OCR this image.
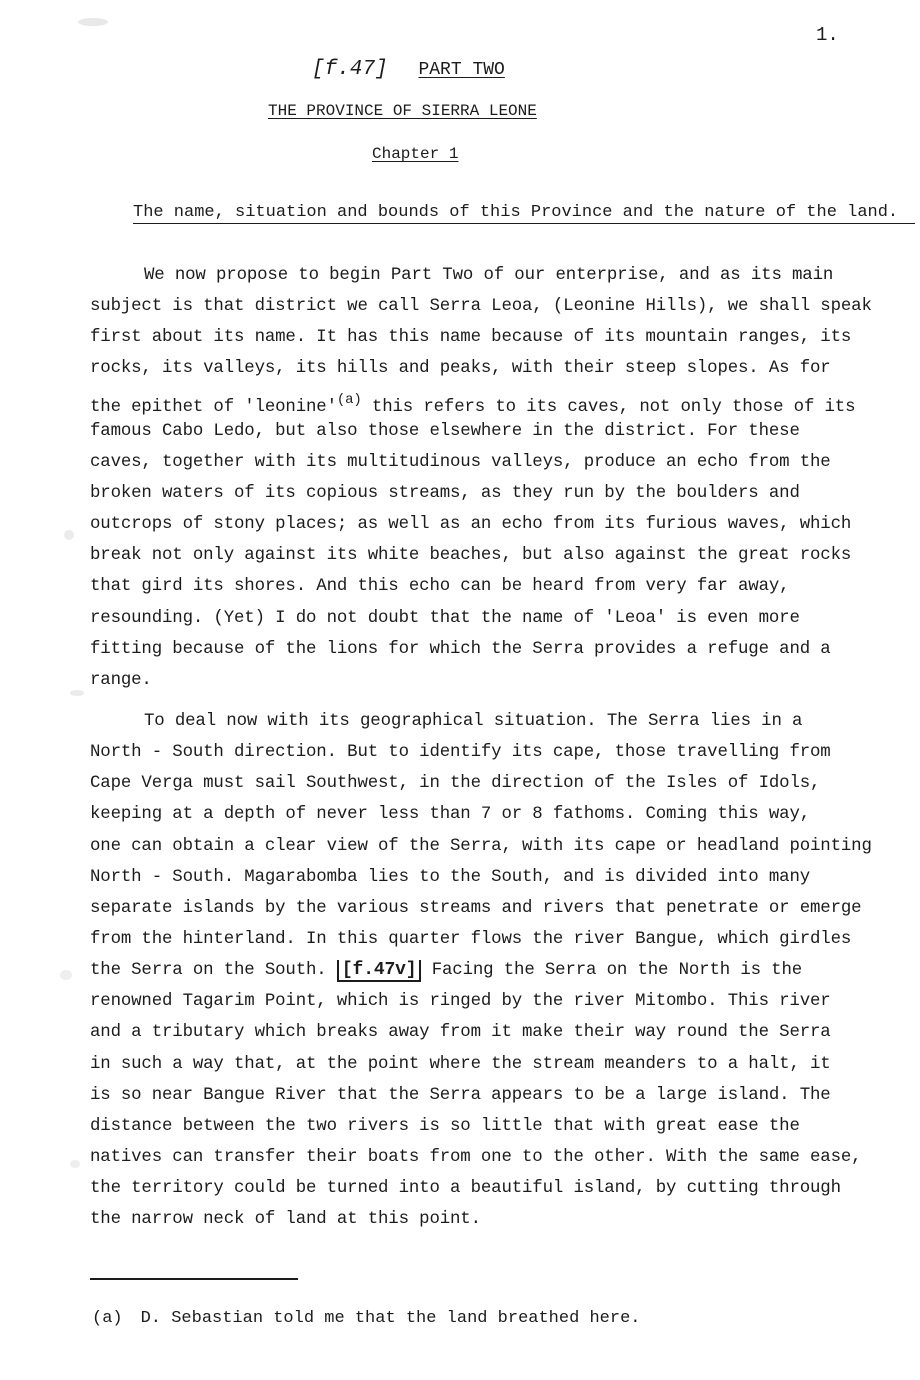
1.
[f.47] PART TWO
THE PROVINCE OF SIERRA LEONE
Chapter 1
The name, situation and bounds of this Province and the nature of the land.
We now propose to begin Part Two of our enterprise, and as its main
subject is that district we call Serra Leoa, (Leonine Hills), we shall speak
first about its name. It has this name because of its mountain ranges, its
rocks, its valleys, its hills and peaks, with their steep slopes. As for
the epithet of 'leonine'$^{(a)}$ this refers to its caves, not only those of its
famous Cabo Ledo, but also those elsewhere in the district. For these
caves, together with its multitudinous valleys, produce an echo from the
broken waters of its copious streams, as they run by the boulders and
outcrops of stony places; as well as an echo from its furious waves, which
break not only against its white beaches, but also against the great rocks
that gird its shores. And this echo can be heard from very far away,
resounding. (Yet) I do not doubt that the name of 'Leoa' is even more
fitting because of the lions for which the Serra provides a refuge and a
range.
To deal now with its geographical situation. The Serra lies in a
North - South direction. But to identify its cape, those travelling from
Cape Verga must sail Southwest, in the direction of the Isles of Idols,
keeping at a depth of never less than 7 or 8 fathoms. Coming this way,
one can obtain a clear view of the Serra, with its cape or headland pointing
North - South. Magarabomba lies to the South, and is divided into many
separate islands by the various streams and rivers that penetrate or emerge
from the hinterland. In this quarter flows the river Bangue, which girdles
the Serra on the South. [f.47v] Facing the Serra on the North is the
renowned Tagarim Point, which is ringed by the river Mitombo. This river
and a tributary which breaks away from it make their way round the Serra
in such a way that, at the point where the stream meanders to a halt, it
is so near Bangue River that the Serra appears to be a large island. The
distance between the two rivers is so little that with great ease the
natives can transfer their boats from one to the other. With the same ease,
the territory could be turned into a beautiful island, by cutting through
the narrow neck of land at this point.
(a) D. Sebastian told me that the land breathed here.
